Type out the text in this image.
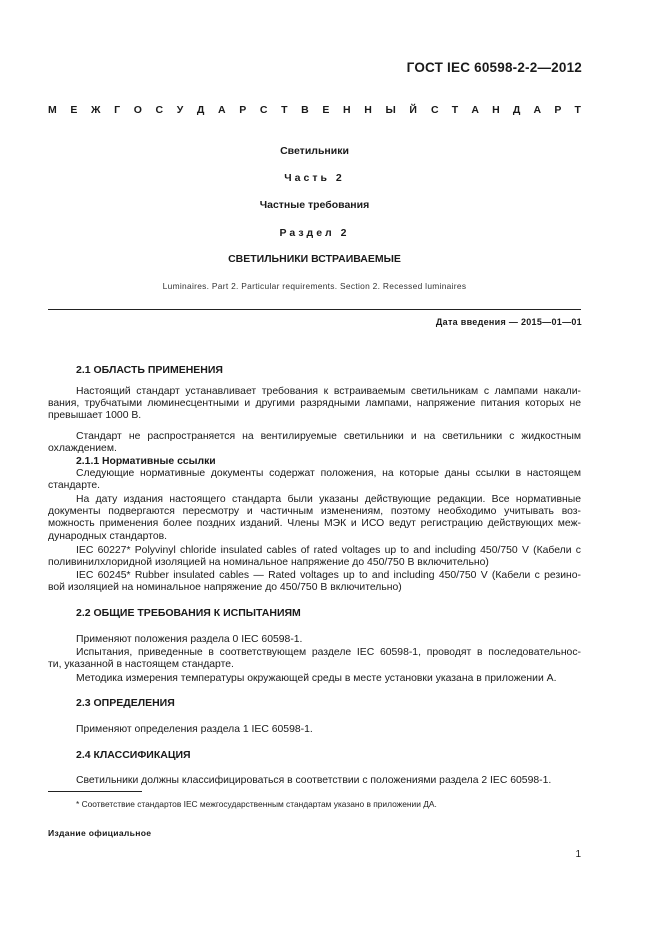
ГОСТ IEC 60598-2-2—2012
М Е Ж Г О С У Д А Р С Т В Е Н Н Ы Й С Т А Н Д А Р Т
Светильники
Часть 2
Частные требования
Раздел 2
СВЕТИЛЬНИКИ ВСТРАИВАЕМЫЕ
Luminaires. Part 2. Particular requirements. Section 2. Recessed luminaires
Дата введения — 2015—01—01
2.1 ОБЛАСТЬ ПРИМЕНЕНИЯ
Настоящий стандарт устанавливает требования к встраиваемым светильникам с лампами накали-
вания, трубчатыми люминесцентными и другими разрядными лампами, напряжение питания которых не
превышает 1000 В.
Стандарт не распространяется на вентилируемые светильники и на светильники с жидкостным
охлаждением.
2.1.1 Нормативные ссылки
Следующие нормативные документы содержат положения, на которые даны ссылки в настоящем
стандарте.
На дату издания настоящего стандарта были указаны действующие редакции. Все нормативные
документы подвергаются пересмотру и частичным изменениям, поэтому необходимо учитывать воз-
можность применения более поздних изданий. Члены МЭК и ИСО ведут регистрацию действующих меж-
дународных стандартов.
IEC 60227* Polyvinyl chloride insulated cables of rated voltages up to and including 450/750 V (Кабели с
поливинилхлоридной изоляцией на номинальное напряжение до 450/750 В включительно)
IEC 60245* Rubber insulated cables — Rated voltages up to and including 450/750 V (Кабели с резино-
вой изоляцией на номинальное напряжение до 450/750 В включительно)
2.2 ОБЩИЕ ТРЕБОВАНИЯ К ИСПЫТАНИЯМ
Применяют положения раздела 0 IEC 60598-1.
Испытания, приведенные в соответствующем разделе IEC 60598-1, проводят в последовательнос-
ти, указанной в настоящем стандарте.
Методика измерения температуры окружающей среды в месте установки указана в приложении А.
2.3 ОПРЕДЕЛЕНИЯ
Применяют определения раздела 1 IEC 60598-1.
2.4 КЛАССИФИКАЦИЯ
Светильники должны классифицироваться в соответствии с положениями раздела 2 IEC 60598-1.
* Соответствие стандартов IEC межгосударственным стандартам указано в приложении ДА.
Издание официальное
1
